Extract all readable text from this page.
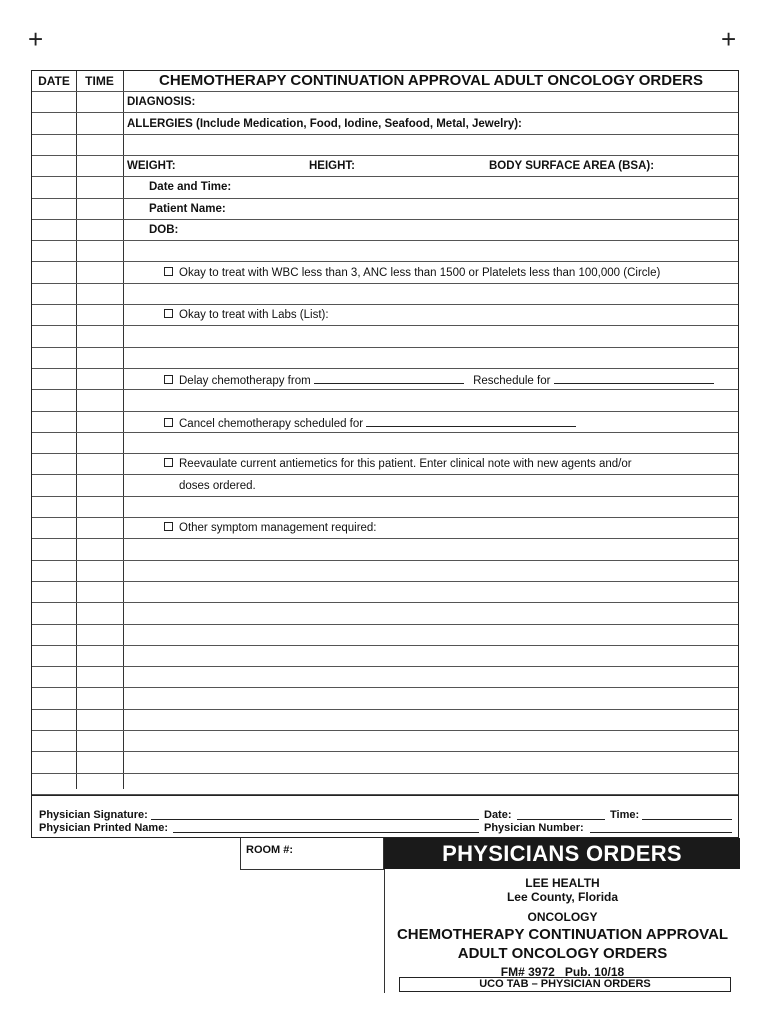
+	+
DATE	TIME	CHEMOTHERAPY CONTINUATION APPROVAL ADULT ONCOLOGY ORDERS
DIAGNOSIS:
ALLERGIES (Include Medication, Food, Iodine, Seafood, Metal, Jewelry):
WEIGHT:	HEIGHT:	BODY SURFACE AREA (BSA):
Date and Time:
Patient Name:
DOB:
Okay to treat with WBC less than 3, ANC less than 1500 or Platelets less than 100,000 (Circle)
Okay to treat with Labs (List):
Delay chemotherapy from	Reschedule for
Cancel chemotherapy scheduled for
Reevaulate current antiemetics for this patient. Enter clinical note with new agents and/or
doses ordered.
Other symptom management required:
Physician Signature:	Date:	Time:
Physician Printed Name:	Physician Number:
ROOM #:	PHYSICIANS ORDERS
LEE HEALTH
Lee County, Florida
ONCOLOGY
CHEMOTHERAPY CONTINUATION APPROVAL
ADULT ONCOLOGY ORDERS
FM# 3972   Pub. 10/18
UCO TAB – PHYSICIAN ORDERS
